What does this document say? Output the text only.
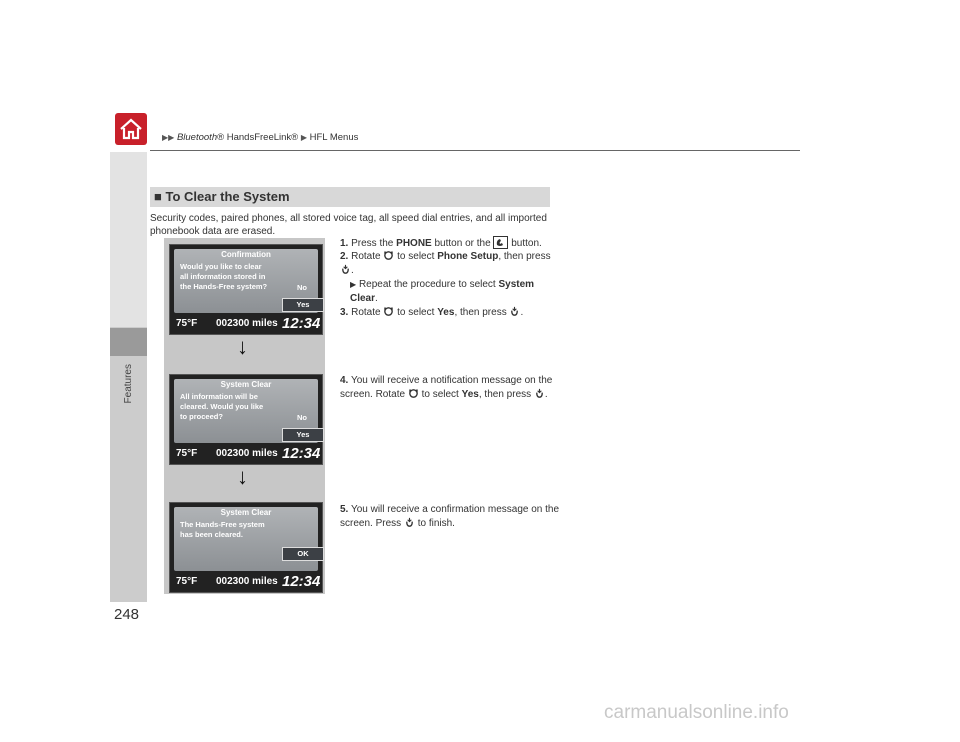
Features
248
▶▶ Bluetooth® HandsFreeLink® ▶ HFL Menus
■ To Clear the System
Security codes, paired phones, all stored voice tag, all speed dial entries, and all imported phonebook data are erased.
Confirmation
Would you like to clear all information stored in the Hands-Free system?	No
Yes
75°F 002300 miles 12:34
↓
System Clear
All information will be cleared. Would you like to proceed?	No
Yes
75°F 002300 miles 12:34
↓
System Clear
The Hands-Free system has been cleared.
OK
75°F 002300 miles 12:34
1. Press the PHONE button or the  button.
2. Rotate  to select Phone Setup, then press .
▶ Repeat the procedure to select System Clear.
3. Rotate  to select Yes, then press .
4. You will receive a notification message on the screen. Rotate  to select Yes, then press .
5. You will receive a confirmation message on the screen. Press  to finish.
carmanualsonline.info
